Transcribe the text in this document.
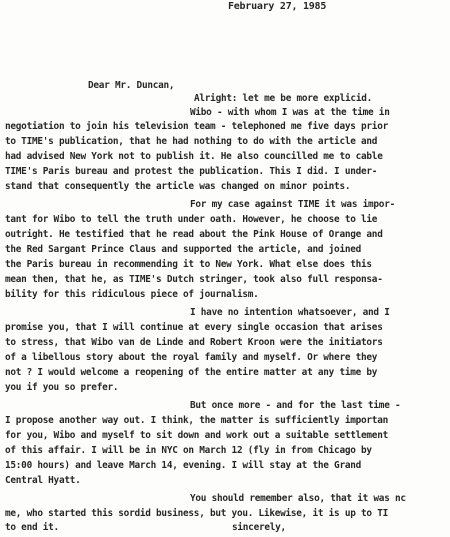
February 27, 1985
Dear Mr. Duncan,
Alright: let me be more explicid.
Wibo - with whom I was at the time in
negotiation to join his television team - telephoned me five days prior
to TIME's publication, that he had nothing to do with the article and
had advised New York not to publish it. He also councilled me to cable
TIME's Paris bureau and protest the publication. This I did. I under-
stand that consequently the article was changed on minor points.
For my case against TIME it was impor-
tant for Wibo to tell the truth under oath. However, he choose to lie
outright. He testified that he read about the Pink House of Orange and
the Red Sargant Prince Claus and supported the article, and joined
the Paris bureau in recommending it to New York. What else does this
mean then, that he, as TIME's Dutch stringer, took also full responsa-
bility for this ridiculous piece of journalism.
I have no intention whatsoever, and I
promise you, that I will continue at every single occasion that arises
to stress, that Wibo van de Linde and Robert Kroon were the initiators
of a libellous story about the royal family and myself. Or where they
not ? I would welcome a reopening of the entire matter at any time by
you if you so prefer.
But once more - and for the last time -
I propose another way out. I think, the matter is sufficiently importan
for you, Wibo and myself to sit down and work out a suitable settlement
of this affair. I will be in NYC on March 12 (fly in from Chicago by
15:00 hours) and leave March 14, evening. I will stay at the Grand
Central Hyatt.
You should remember also, that it was nc
me, who started this sordid business, but you. Likewise, it is up to TI
to end it.	sincerely,
